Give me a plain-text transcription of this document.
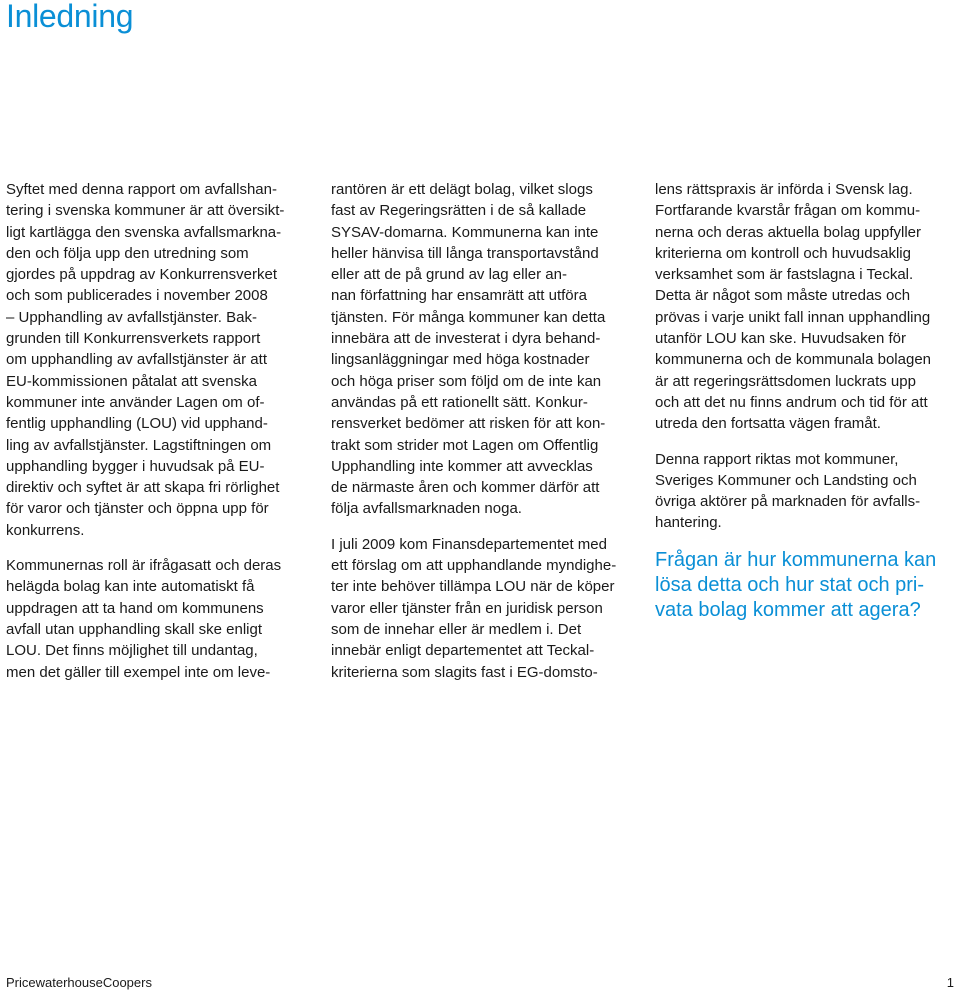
Inledning
Syftet med denna rapport om avfallshan-
tering i svenska kommuner är att översikt-
ligt kartlägga den svenska avfallsmarkna-
den och följa upp den utredning som
gjordes på uppdrag av Konkurrensverket
och som publicerades i november 2008
– Upphandling av avfallstjänster. Bak-
grunden till Konkurrensverkets rapport
om upphandling av avfallstjänster är att
EU-kommissionen påtalat att svenska
kommuner inte använder Lagen om of-
fentlig upphandling (LOU) vid upphand-
ling av avfallstjänster. Lagstiftningen om
upphandling bygger i huvudsak på EU-
direktiv och syftet är att skapa fri rörlighet
för varor och tjänster och öppna upp för
konkurrens.
Kommunernas roll är ifrågasatt och deras
helägda bolag kan inte automatiskt få
uppdragen att ta hand om kommunens
avfall utan upphandling skall ske enligt
LOU. Det finns möjlighet till undantag,
men det gäller till exempel inte om leve-
rantören är ett delägt bolag, vilket slogs
fast av Regeringsrätten i de så kallade
SYSAV-domarna. Kommunerna kan inte
heller hänvisa till långa transportavstånd
eller att de på grund av lag eller an-
nan författning har ensamrätt att utföra
tjänsten. För många kommuner kan detta
innebära att de investerat i dyra behand-
lingsanläggningar med höga kostnader
och höga priser som följd om de inte kan
användas på ett rationellt sätt. Konkur-
rensverket bedömer att risken för att kon-
trakt som strider mot Lagen om Offentlig
Upphandling inte kommer att avvecklas
de närmaste åren och kommer därför att
följa avfallsmarknaden noga.
I juli 2009 kom Finansdepartementet med
ett förslag om att upphandlande myndighe-
ter inte behöver tillämpa LOU när de köper
varor eller tjänster från en juridisk person
som de innehar eller är medlem i. Det
innebär enligt departementet att Teckal-
kriterierna som slagits fast i EG-domsto-
lens rättspraxis är införda i Svensk lag.
Fortfarande kvarstår frågan om kommu-
nerna och deras aktuella bolag uppfyller
kriterierna om kontroll och huvudsaklig
verksamhet som är fastslagna i Teckal.
Detta är något som måste utredas och
prövas i varje unikt fall innan upphandling
utanför LOU kan ske. Huvudsaken för
kommunerna och de kommunala bolagen
är att regeringsrättsdomen luckrats upp
och att det nu finns andrum och tid för att
utreda den fortsatta vägen framåt.
Denna rapport riktas mot kommuner,
Sveriges Kommuner och Landsting och
övriga aktörer på marknaden för avfalls-
hantering.
Frågan är hur kommunerna kan
lösa detta och hur stat och pri-
vata bolag kommer att agera?
PricewaterhouseCoopers	1
